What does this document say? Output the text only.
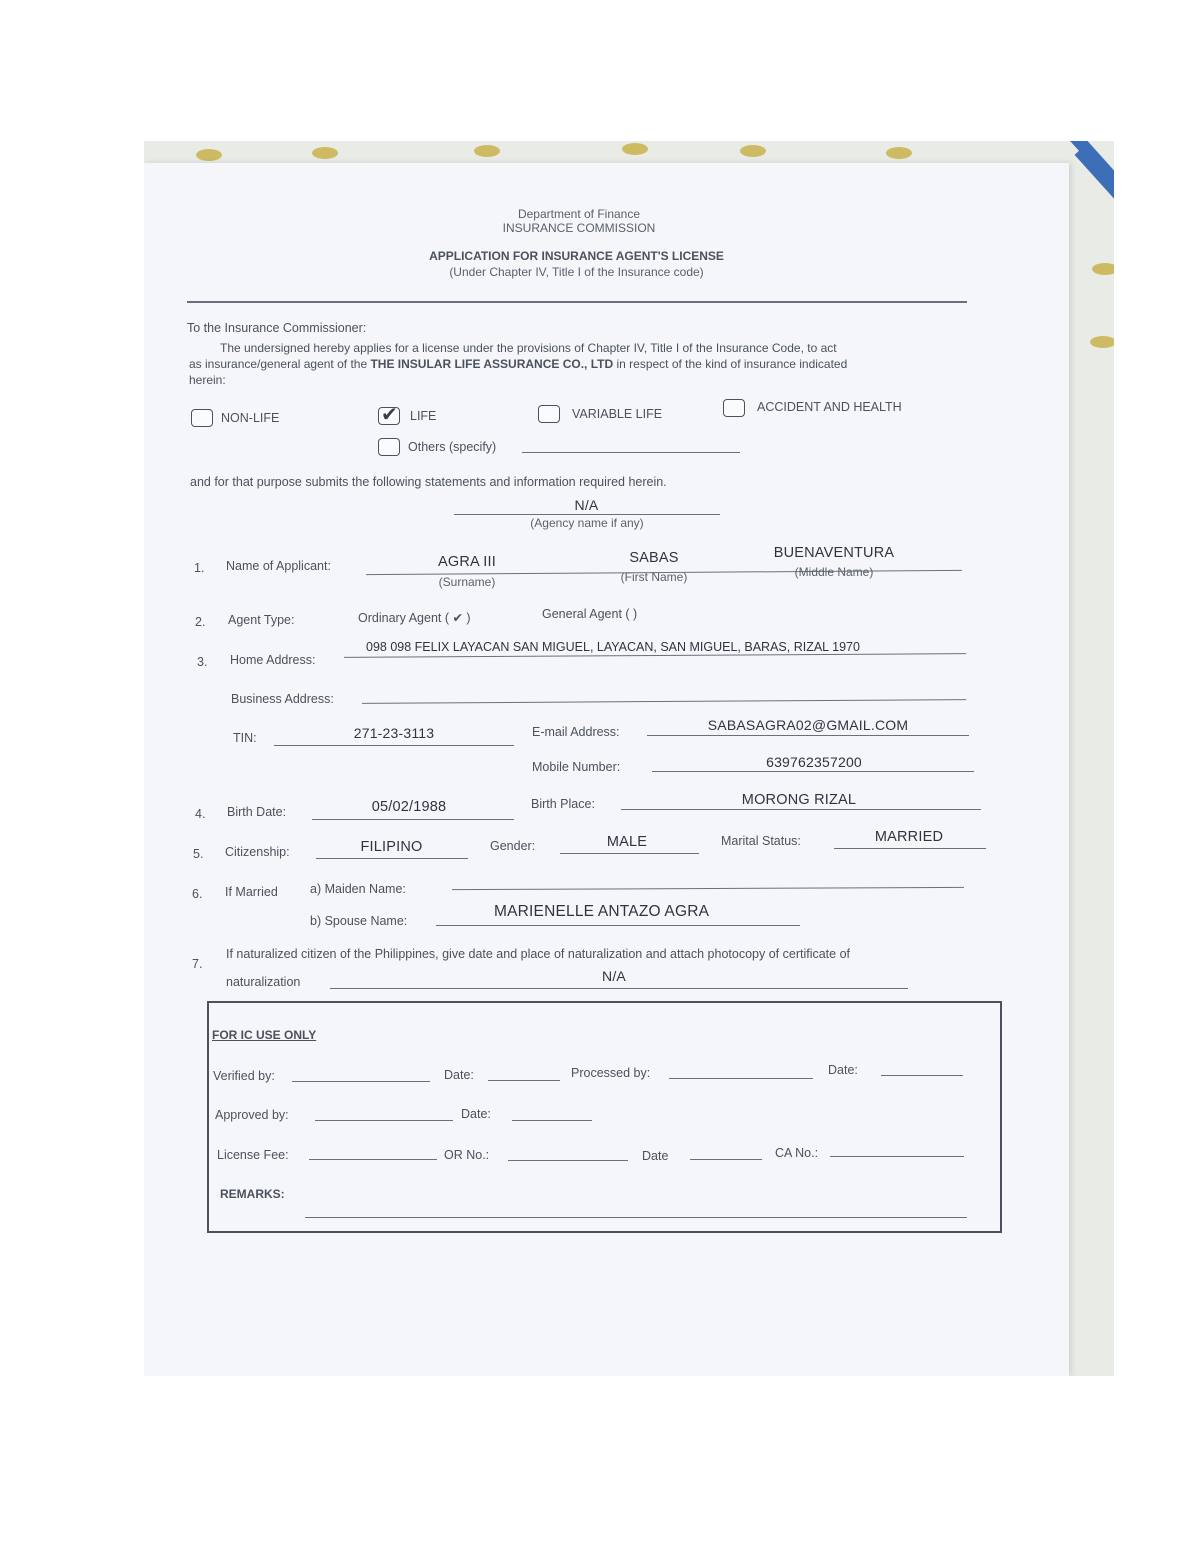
Department of Finance
INSURANCE COMMISSION
APPLICATION FOR INSURANCE AGENT'S LICENSE
(Under Chapter IV, Title I of the Insurance code)
To the Insurance Commissioner:
The undersigned hereby applies for a license under the provisions of Chapter IV, Title I of the Insurance Code, to act
as insurance/general agent of the THE INSULAR LIFE ASSURANCE CO., LTD in respect of the kind of insurance indicated
herein:
NON-LIFE	✔ LIFE	VARIABLE LIFE	ACCIDENT AND HEALTH
Others (specify)
and for that purpose submits the following statements and information required herein.
N/A
(Agency name if any)
1. Name of Applicant:	AGRA III	SABAS	BUENAVENTURA
(Surname)	(First Name)	(Middle Name)
2. Agent Type:	Ordinary Agent ( ✔ )	General Agent ( )
3. Home Address:
098 098 FELIX LAYACAN SAN MIGUEL, LAYACAN, SAN MIGUEL, BARAS, RIZAL 1970
Business Address:
TIN:	271-23-3113	E-mail Address:	SABASAGRA02@GMAIL.COM
Mobile Number:	639762357200
4. Birth Date:	05/02/1988	Birth Place:	MORONG RIZAL
5. Citizenship:	FILIPINO	Gender:	MALE	Marital Status:	MARRIED
6. If Married	a) Maiden Name:
b) Spouse Name:
MARIENELLE ANTAZO AGRA
7.
If naturalized citizen of the Philippines, give date and place of naturalization and attach photocopy of certificate of
naturalization	N/A
FOR IC USE ONLY
Verified by:	Date:	Processed by:	Date:
Approved by:	Date:
License Fee:	OR No.:	Date	CA No.:
REMARKS:
